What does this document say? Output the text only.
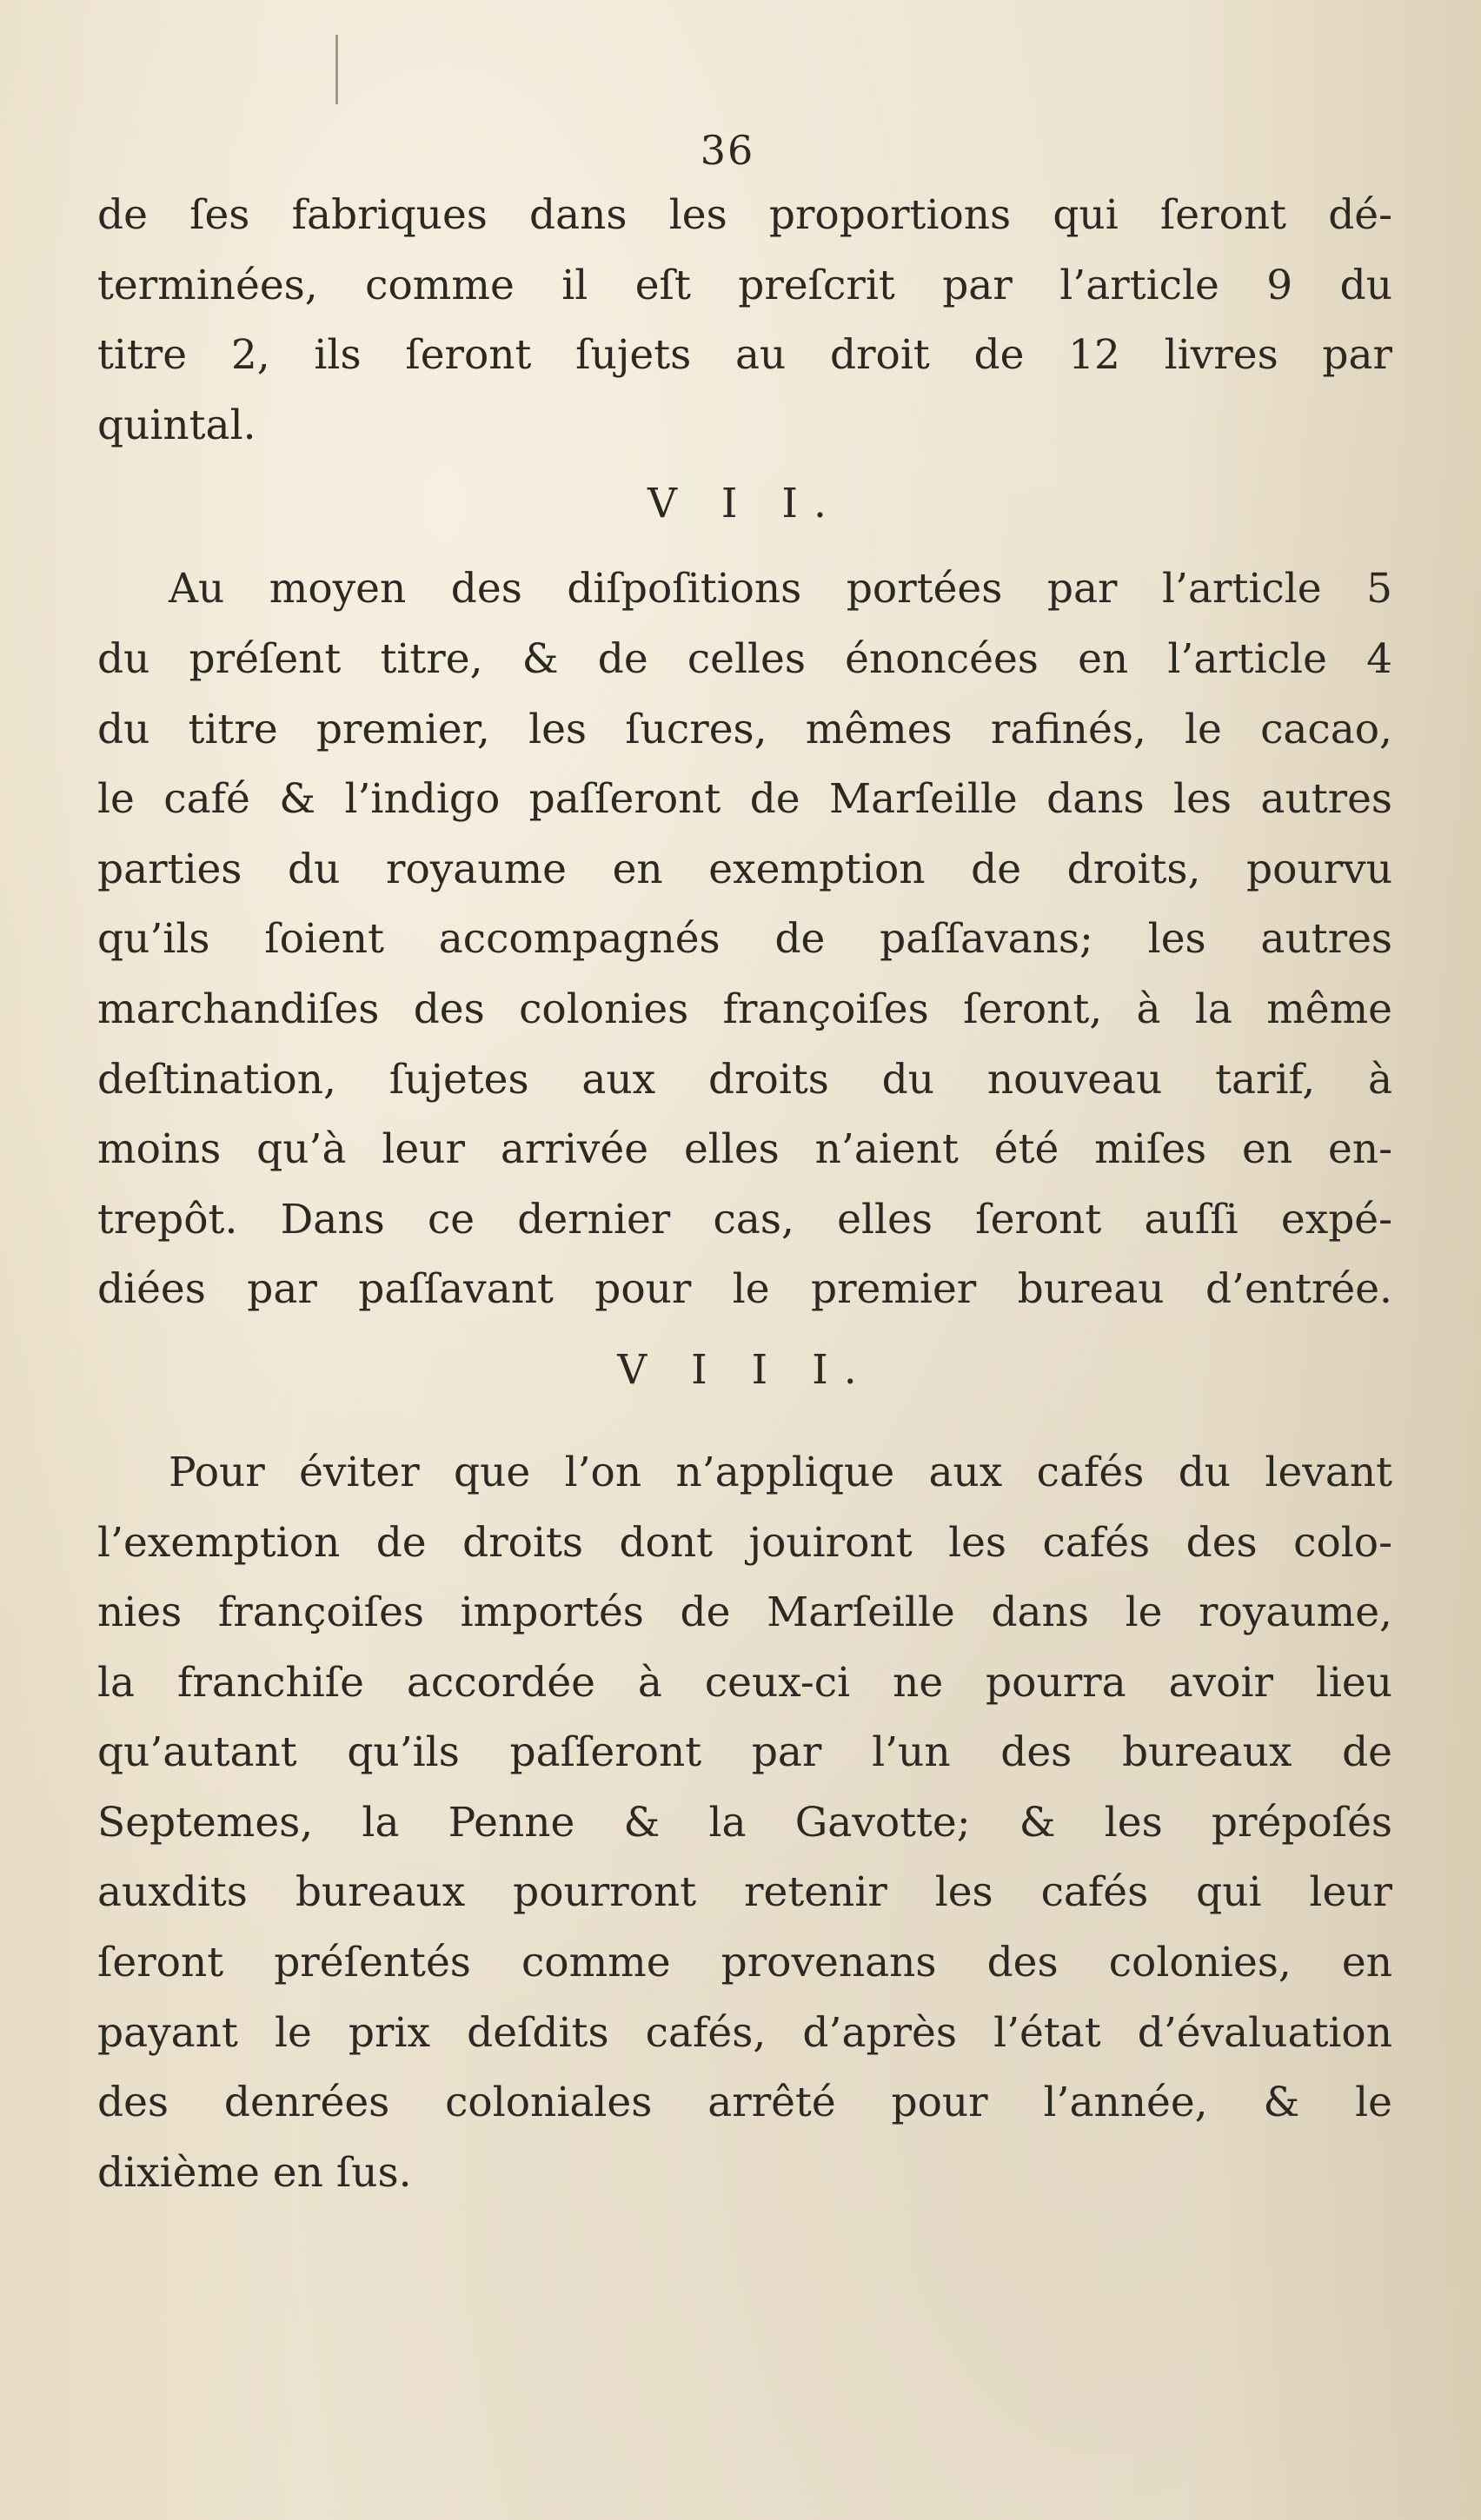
36
de ſes fabriques dans les proportions qui ſeront dé-
terminées, comme il eſt preſcrit par l’article 9 du
titre 2, ils ſeront ſujets au droit de 12 livres par
quintal.
V I I.
Au moyen des diſpoſitions portées par l’article 5
du préſent titre, & de celles énoncées en l’article 4
du titre premier, les ſucres, mêmes rafinés, le cacao,
le café & l’indigo paſſeront de Marſeille dans les autres
parties du royaume en exemption de droits, pourvu
qu’ils ſoient accompagnés de paſſavans; les autres
marchandiſes des colonies françoiſes ſeront, à la même
deſtination, ſujetes aux droits du nouveau tarif, à
moins qu’à leur arrivée elles n’aient été miſes en en-
trepôt. Dans ce dernier cas, elles ſeront auſſi expé-
diées par paſſavant pour le premier bureau d’entrée.
V I I I.
Pour éviter que l’on n’applique aux cafés du levant
l’exemption de droits dont jouiront les cafés des colo-
nies françoiſes importés de Marſeille dans le royaume,
la franchiſe accordée à ceux-ci ne pourra avoir lieu
qu’autant qu’ils paſſeront par l’un des bureaux de
Septemes, la Penne & la Gavotte; & les prépoſés
auxdits bureaux pourront retenir les cafés qui leur
ſeront préſentés comme provenans des colonies, en
payant le prix deſdits cafés, d’après l’état d’évaluation
des denrées coloniales arrêté pour l’année, & le
dixième en ſus.
